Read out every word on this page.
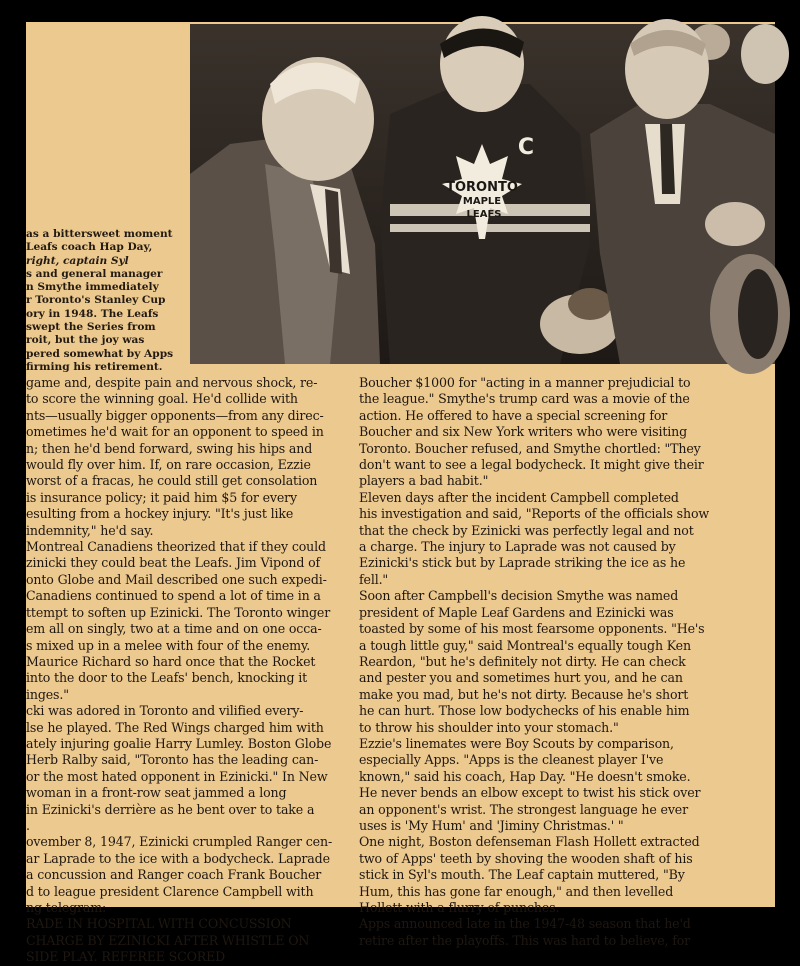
TORONTO
MAPLE
LEAFS
C
as a bittersweet moment
Leafs coach Hap Day,
right, captain Syl
s and general manager
n Smythe immediately
r Toronto's Stanley Cup
ory in 1948. The Leafs
swept the Series from
roit, but the joy was
pered somewhat by Apps
firming his retirement.
game and, despite pain and nervous shock, re-
to score the winning goal. He'd collide with
nts—usually bigger opponents—from any direc-
ometimes he'd wait for an opponent to speed in
n; then he'd bend forward, swing his hips and
would fly over him. If, on rare occasion, Ezzie
worst of a fracas, he could still get consolation
is insurance policy; it paid him $5 for every
esulting from a hockey injury. "It's just like
indemnity," he'd say.
Montreal Canadiens theorized that if they could
zinicki they could beat the Leafs. Jim Vipond of
onto Globe and Mail described one such expedi-
Canadiens continued to spend a lot of time in a
ttempt to soften up Ezinicki. The Toronto winger
em all on singly, two at a time and on one occa-
s mixed up in a melee with four of the enemy.
Maurice Richard so hard once that the Rocket
into the door to the Leafs' bench, knocking it
inges."
cki was adored in Toronto and vilified every-
lse he played. The Red Wings charged him with
ately injuring goalie Harry Lumley. Boston Globe
Herb Ralby said, "Toronto has the leading can-
or the most hated opponent in Ezinicki." In New
woman in a front-row seat jammed a long
in Ezinicki's derrière as he bent over to take a
.
ovember 8, 1947, Ezinicki crumpled Ranger cen-
ar Laprade to the ice with a bodycheck. Laprade
a concussion and Ranger coach Frank Boucher
d to league president Clarence Campbell with
ng telegram:
RADE IN HOSPITAL WITH CONCUSSION
CHARGE BY EZINICKI AFTER WHISTLE ON
SIDE PLAY. REFEREE SCORED
Boucher $1000 for "acting in a manner prejudicial to
the league." Smythe's trump card was a movie of the
action. He offered to have a special screening for
Boucher and six New York writers who were visiting
Toronto. Boucher refused, and Smythe chortled: "They
don't want to see a legal bodycheck. It might give their
players a bad habit."
Eleven days after the incident Campbell completed
his investigation and said, "Reports of the officials show
that the check by Ezinicki was perfectly legal and not
a charge. The injury to Laprade was not caused by
Ezinicki's stick but by Laprade striking the ice as he
fell."
Soon after Campbell's decision Smythe was named
president of Maple Leaf Gardens and Ezinicki was
toasted by some of his most fearsome opponents. "He's
a tough little guy," said Montreal's equally tough Ken
Reardon, "but he's definitely not dirty. He can check
and pester you and sometimes hurt you, and he can
make you mad, but he's not dirty. Because he's short
he can hurt. Those low bodychecks of his enable him
to throw his shoulder into your stomach."
Ezzie's linemates were Boy Scouts by comparison,
especially Apps. "Apps is the cleanest player I've
known," said his coach, Hap Day. "He doesn't smoke.
He never bends an elbow except to twist his stick over
an opponent's wrist. The strongest language he ever
uses is 'My Hum' and 'Jiminy Christmas.' "
One night, Boston defenseman Flash Hollett extracted
two of Apps' teeth by shoving the wooden shaft of his
stick in Syl's mouth. The Leaf captain muttered, "By
Hum, this has gone far enough," and then levelled
Hollett with a flurry of punches.
Apps announced late in the 1947-48 season that he'd
retire after the playoffs. This was hard to believe, for
